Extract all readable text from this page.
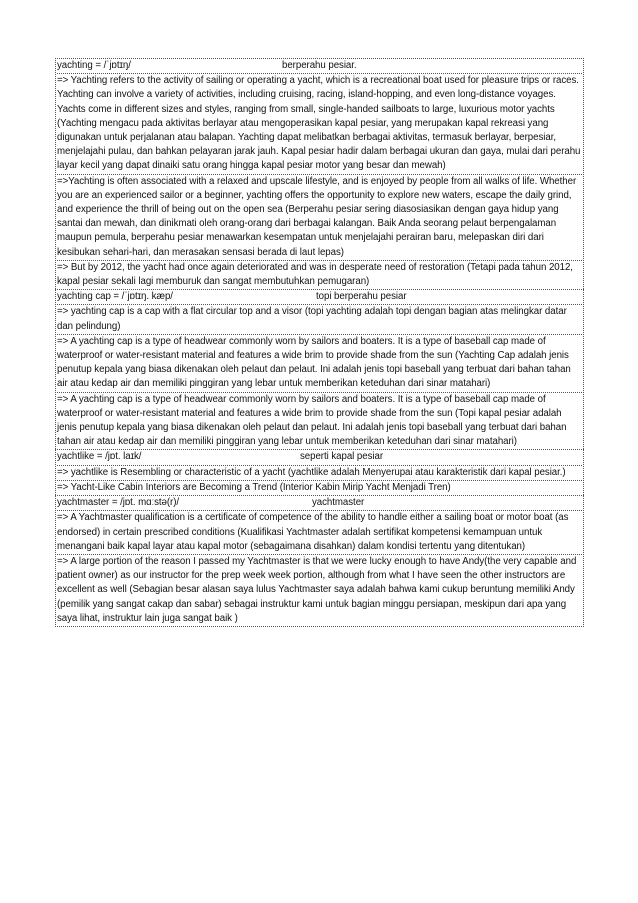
yachting = /ˈjɒtɪŋ/	berperahu pesiar.

=> Yachting refers to the activity of sailing or operating a yacht, which is a recreational boat used for pleasure trips or races. Yachting can involve a variety of activities, including cruising, racing, island-hopping, and even long-distance voyages. Yachts come in different sizes and styles, ranging from small, single-handed sailboats to large, luxurious motor yachts (Yachting mengacu pada aktivitas berlayar atau mengoperasikan kapal pesiar, yang merupakan kapal rekreasi yang digunakan untuk perjalanan atau balapan. Yachting dapat melibatkan berbagai aktivitas, termasuk berlayar, berpesiar, menjelajahi pulau, dan bahkan pelayaran jarak jauh. Kapal pesiar hadir dalam berbagai ukuran dan gaya, mulai dari perahu layar kecil yang dapat dinaiki satu orang hingga kapal pesiar motor yang besar dan mewah)

=>Yachting is often associated with a relaxed and upscale lifestyle, and is enjoyed by people from all walks of life. Whether you are an experienced sailor or a beginner, yachting offers the opportunity to explore new waters, escape the daily grind, and experience the thrill of being out on the open sea (Berperahu pesiar sering diasosiasikan dengan gaya hidup yang santai dan mewah, dan dinikmati oleh orang-orang dari berbagai kalangan. Baik Anda seorang pelaut berpengalaman maupun pemula, berperahu pesiar menawarkan kesempatan untuk menjelajahi perairan baru, melepaskan diri dari kesibukan sehari-hari, dan merasakan sensasi berada di laut lepas)

=> But by 2012, the yacht had once again deteriorated and was in desperate need of restoration (Tetapi pada tahun 2012, kapal pesiar sekali lagi memburuk dan sangat membutuhkan pemugaran)

yachting cap = /ˈjɒtɪŋ. kæp/	topi berperahu pesiar

=> yachting cap is a cap with a flat circular top and a visor (topi yachting adalah topi dengan bagian atas melingkar datar dan pelindung)

=> A yachting cap is a type of headwear commonly worn by sailors and boaters. It is a type of baseball cap made of waterproof or water-resistant material and features a wide brim to provide shade from the sun (Yachting Cap adalah jenis penutup kepala yang biasa dikenakan oleh pelaut dan pelaut. Ini adalah jenis topi baseball yang terbuat dari bahan tahan air atau kedap air dan memiliki pinggiran yang lebar untuk memberikan keteduhan dari sinar matahari)

=> A yachting cap is a type of headwear commonly worn by sailors and boaters. It is a type of baseball cap made of waterproof or water-resistant material and features a wide brim to provide shade from the sun (Topi kapal pesiar adalah jenis penutup kepala yang biasa dikenakan oleh pelaut dan pelaut. Ini adalah jenis topi baseball yang terbuat dari bahan tahan air atau kedap air dan memiliki pinggiran yang lebar untuk memberikan keteduhan dari sinar matahari)

yachtlike = /jɒt. laɪk/	seperti kapal pesiar

=> yachtlike is Resembling or characteristic of a yacht (yachtlike adalah Menyerupai atau karakteristik dari kapal pesiar.)

=> Yacht-Like Cabin Interiors are Becoming a Trend (Interior Kabin Mirip Yacht Menjadi Tren)

yachtmaster = /jɒt. mɑːstə(r)/	yachtmaster

=> A Yachtmaster qualification is a certificate of competence of the ability to handle either a sailing boat or motor boat (as endorsed) in certain prescribed conditions (Kualifikasi Yachtmaster adalah sertifikat kompetensi kemampuan untuk menangani baik kapal layar atau kapal motor (sebagaimana disahkan) dalam kondisi tertentu yang ditentukan)

=> A large portion of the reason I passed my Yachtmaster is that we were lucky enough to have Andy(the very capable and patient owner) as our instructor for the prep week week portion, although from what I have seen the other instructors are excellent as well (Sebagian besar alasan saya lulus Yachtmaster saya adalah bahwa kami cukup beruntung memiliki Andy (pemilik yang sangat cakap dan sabar) sebagai instruktur kami untuk bagian minggu persiapan, meskipun dari apa yang saya lihat, instruktur lain juga sangat baik )
